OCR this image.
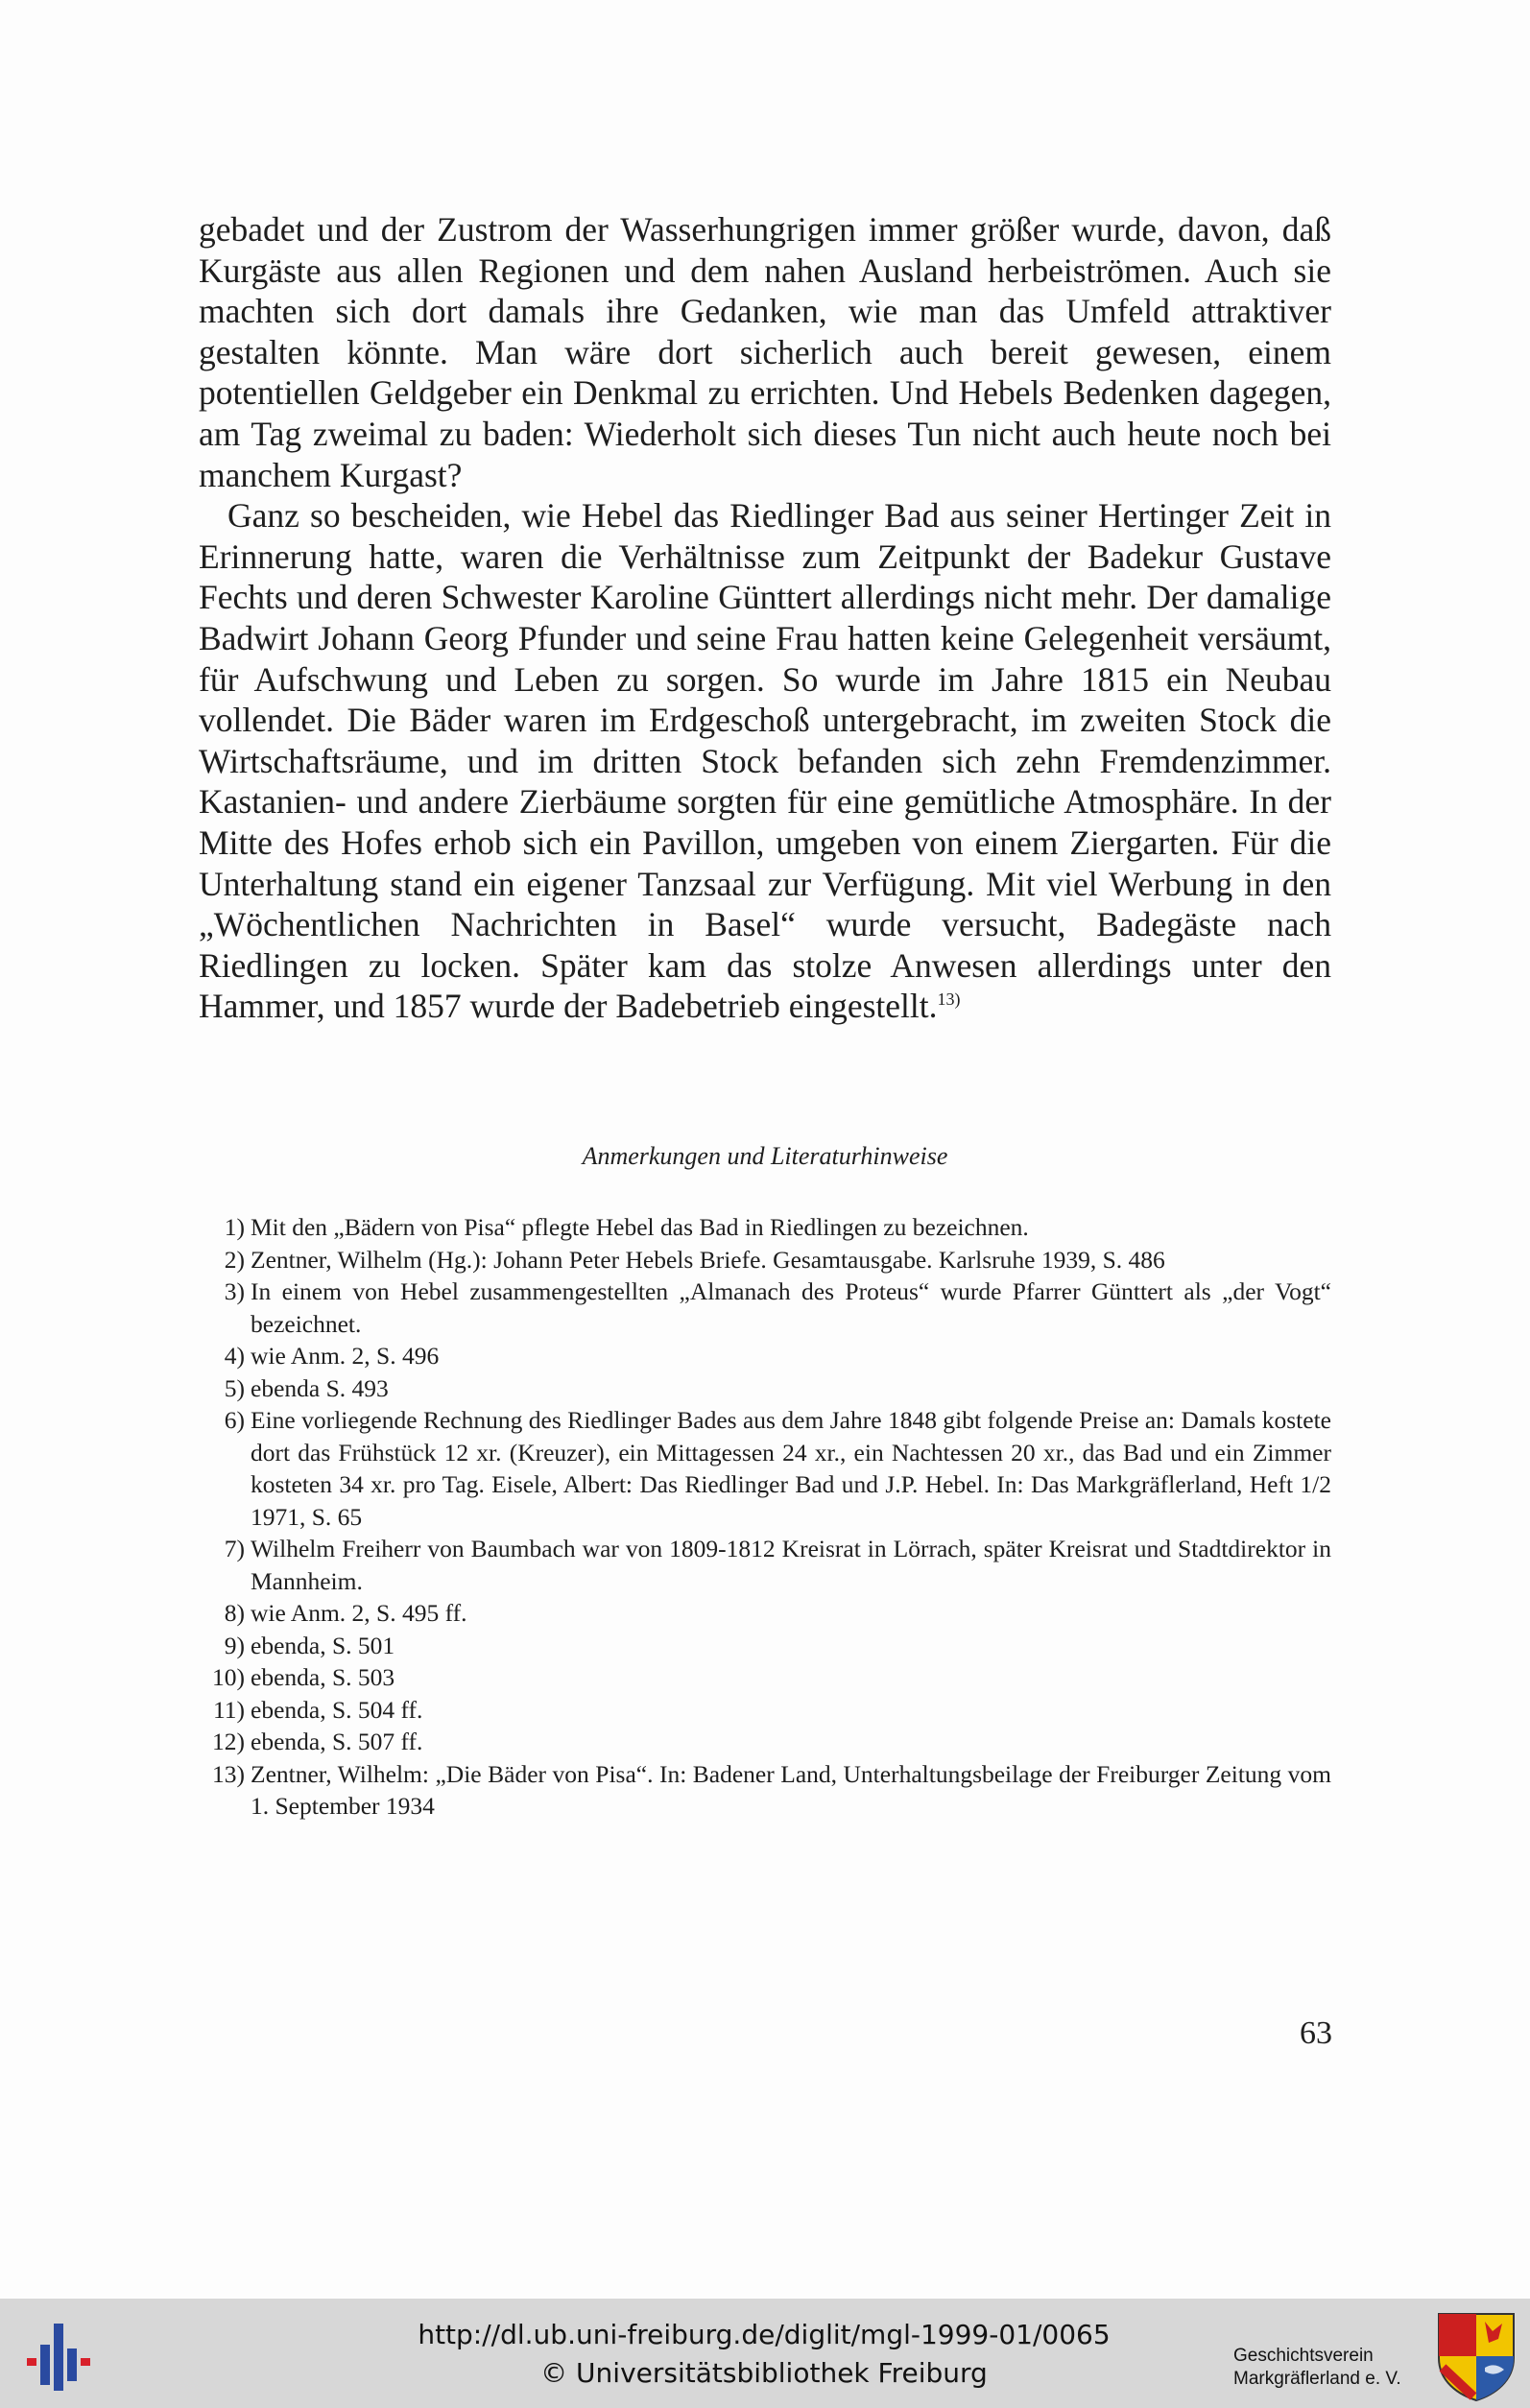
gebadet und der Zustrom der Wasserhungrigen immer größer wurde, davon, daß Kurgäste aus allen Regionen und dem nahen Ausland herbeiströmen. Auch sie machten sich dort damals ihre Gedanken, wie man das Umfeld attraktiver gestalten könnte. Man wäre dort sicherlich auch bereit gewesen, einem potentiellen Geldgeber ein Denkmal zu errichten. Und Hebels Bedenken dagegen, am Tag zweimal zu baden: Wiederholt sich dieses Tun nicht auch heute noch bei manchem Kurgast?

Ganz so bescheiden, wie Hebel das Riedlinger Bad aus seiner Hertinger Zeit in Erinnerung hatte, waren die Verhältnisse zum Zeitpunkt der Badekur Gustave Fechts und deren Schwester Karoline Günttert allerdings nicht mehr. Der damalige Badwirt Johann Georg Pfunder und seine Frau hatten keine Gelegenheit versäumt, für Aufschwung und Leben zu sorgen. So wurde im Jahre 1815 ein Neubau vollendet. Die Bäder waren im Erdgeschoß untergebracht, im zweiten Stock die Wirtschaftsräume, und im dritten Stock befanden sich zehn Fremdenzimmer. Kastanien- und andere Zierbäume sorgten für eine gemütliche Atmosphäre. In der Mitte des Hofes erhob sich ein Pavillon, umgeben von einem Ziergarten. Für die Unterhaltung stand ein eigener Tanzsaal zur Verfügung. Mit viel Werbung in den „Wöchentlichen Nachrichten in Basel“ wurde versucht, Badegäste nach Riedlingen zu locken. Später kam das stolze Anwesen allerdings unter den Hammer, und 1857 wurde der Badebetrieb eingestellt.$^{13)}$

Anmerkungen und Literaturhinweise
1) Mit den „Bädern von Pisa“ pflegte Hebel das Bad in Riedlingen zu bezeichnen.
2) Zentner, Wilhelm (Hg.): Johann Peter Hebels Briefe. Gesamtausgabe. Karlsruhe 1939, S. 486
3) In einem von Hebel zusammengestellten „Almanach des Proteus“ wurde Pfarrer Günttert als „der Vogt“ bezeichnet.
4) wie Anm. 2, S. 496
5) ebenda S. 493
6) Eine vorliegende Rechnung des Riedlinger Bades aus dem Jahre 1848 gibt folgende Preise an: Damals kostete dort das Frühstück 12 xr. (Kreuzer), ein Mittagessen 24 xr., ein Nachtessen 20 xr., das Bad und ein Zimmer kosteten 34 xr. pro Tag. Eisele, Albert: Das Riedlinger Bad und J.P. Hebel. In: Das Markgräflerland, Heft 1/2 1971, S. 65
7) Wilhelm Freiherr von Baumbach war von 1809-1812 Kreisrat in Lörrach, später Kreisrat und Stadtdirektor in Mannheim.
8) wie Anm. 2, S. 495 ff.
9) ebenda, S. 501
10) ebenda, S. 503
11) ebenda, S. 504 ff.
12) ebenda, S. 507 ff.
13) Zentner, Wilhelm: „Die Bäder von Pisa“. In: Badener Land, Unterhaltungsbeilage der Freiburger Zeitung vom 1. September 1934
63
http://dl.ub.uni-freiburg.de/diglit/mgl-1999-01/0065
© Universitätsbibliothek Freiburg
Geschichtsverein
Markgräflerland e. V.
